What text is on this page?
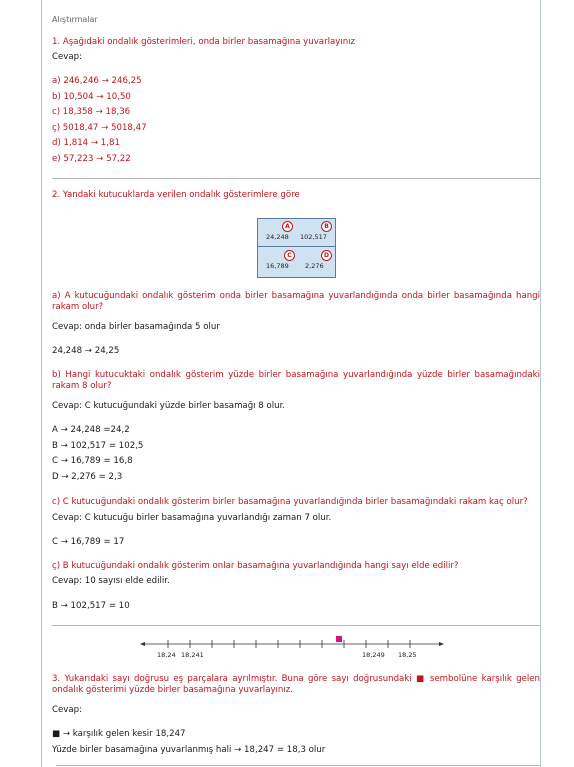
Alıştırmalar
1. Aşağıdaki ondalık gösterimleri, onda birler basamağına yuvarlayınız
Cevap:
a) 246,246 → 246,25
b) 10,504 → 10,50
c) 18,358 → 18,36
ç) 5018,47 → 5018,47
d) 1,814 → 1,81
e) 57,223 → 57,22
2. Yandaki kutucuklarda verilen ondalık gösterimlere göre
A	B
24,248 102,517
C	D
16,789	2,276
a) A kutucuğundaki ondalık gösterim onda birler basamağına yuvarlandığında onda birler basamağında hangi rakam olur?
Cevap: onda birler basamağında 5 olur
24,248 → 24,25
b) Hangi kutucuktaki ondalık gösterim yüzde birler basamağına yuvarlandığında yüzde birler basamağındaki rakam 8 olur?
Cevap: C kutucuğundaki yüzde birler basamağı 8 olur.
A → 24,248 =24,2
B → 102,517 = 102,5
C → 16,789 = 16,8
D → 2,276 = 2,3
c) C kutucuğundaki ondalık gösterim birler basamağına yuvarlandığında birler basamağındaki rakam kaç olur?
Cevap: C kutucuğu birler basamağına yuvarlandığı zaman 7 olur.
C → 16,789 = 17
ç) B kutucuğundaki ondalık gösterim onlar basamağına yuvarlandığında hangi sayı elde edilir?
Cevap: 10 sayısı elde edilir.
B → 102,517 = 10
18,24 18,241	18,249 18,25
3. Yukarıdaki sayı doğrusu eş parçalara ayrılmıştır. Buna göre sayı doğrusundaki ■ sembolüne karşılık gelen ondalık gösterimi yüzde birler basamağına yuvarlayınız.
Cevap:
■ → karşılık gelen kesir 18,247
Yüzde birler basamağına yuvarlanmış hali → 18,247 = 18,3 olur
